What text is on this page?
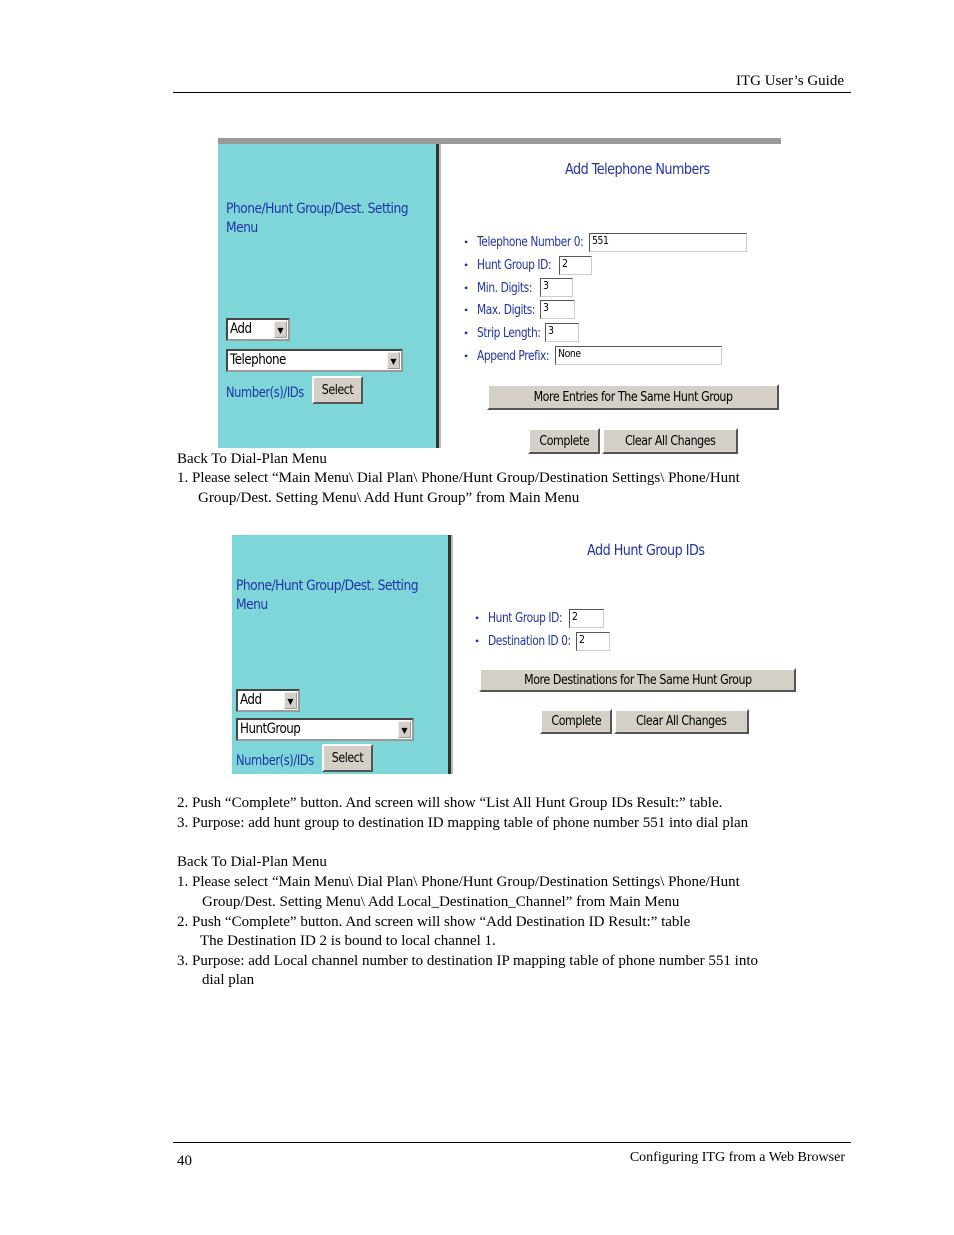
ITG User’s Guide
Phone/Hunt Group/Dest. Setting
Menu
Add	▼
Telephone	▼
Number(s)/IDs Select
Add Telephone Numbers
• Telephone Number 0: 551
• Hunt Group ID: 2
• Min. Digits: 3
• Max. Digits: 3
• Strip Length: 3
• Append Prefix: None
More Entries for The Same Hunt Group
Complete	Clear All Changes
Back To Dial-Plan Menu
1. Please select “Main Menu\ Dial Plan\ Phone/Hunt Group/Destination Settings\ Phone/Hunt
Group/Dest. Setting Menu\ Add Hunt Group” from Main Menu
Phone/Hunt Group/Dest. Setting
Menu
Add	▼
HuntGroup	▼
Number(s)/IDs Select
Add Hunt Group IDs
• Hunt Group ID: 2
• Destination ID 0: 2
More Destinations for The Same Hunt Group
Complete	Clear All Changes
2. Push “Complete” button. And screen will show “List All Hunt Group IDs Result:” table.
3. Purpose: add hunt group to destination ID mapping table of phone number 551 into dial plan
Back To Dial-Plan Menu
1. Please select “Main Menu\ Dial Plan\ Phone/Hunt Group/Destination Settings\ Phone/Hunt
Group/Dest. Setting Menu\ Add Local_Destination_Channel” from Main Menu
2. Push “Complete” button. And screen will show “Add Destination ID Result:” table
The Destination ID 2 is bound to local channel 1.
3. Purpose: add Local channel number to destination IP mapping table of phone number 551 into
dial plan
40	Configuring ITG from a Web Browser
